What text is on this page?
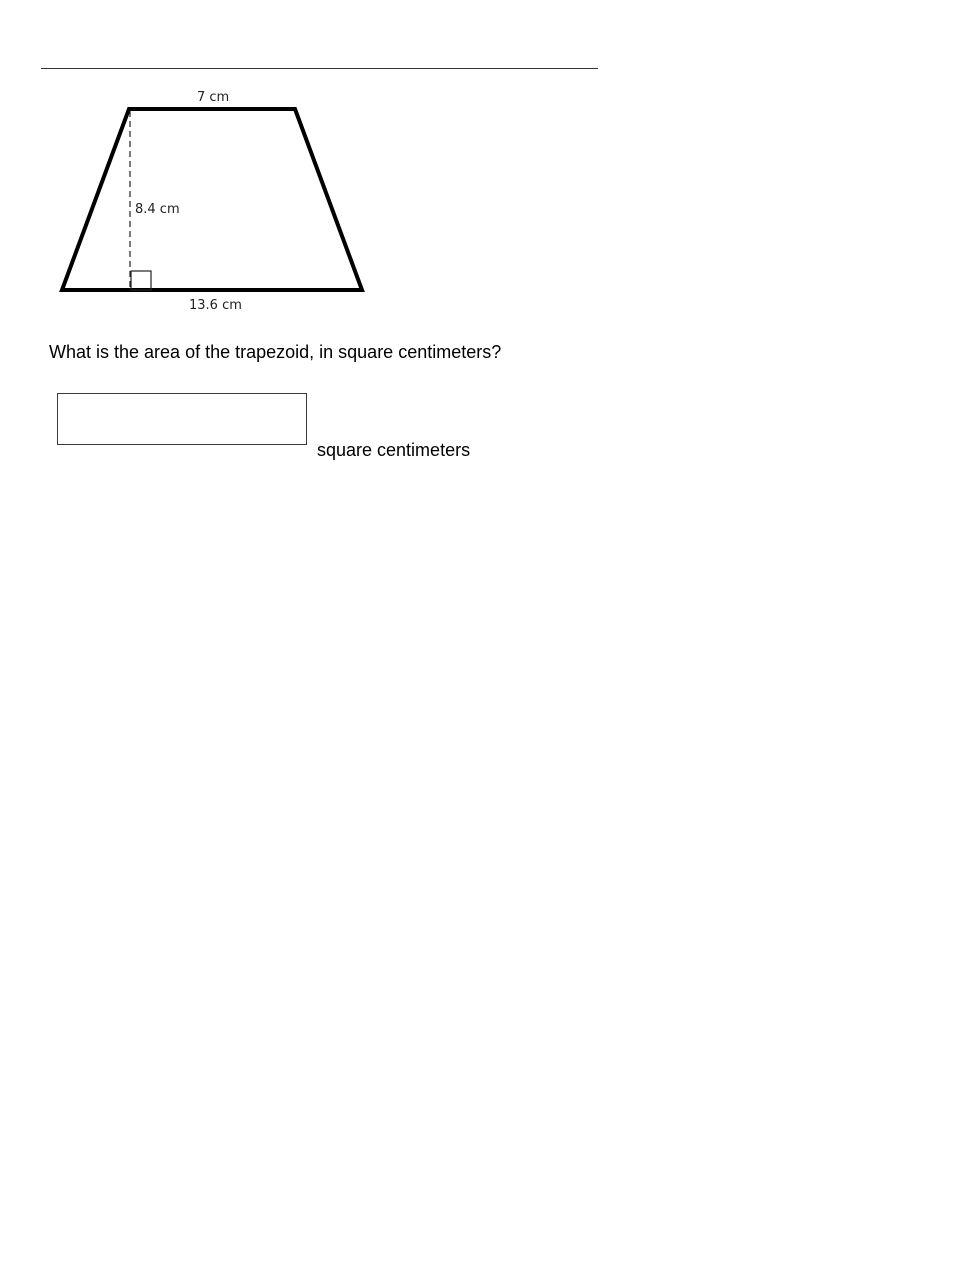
7 cm
8.4 cm
13.6 cm
What is the area of the trapezoid, in square centimeters?
square centimeters
